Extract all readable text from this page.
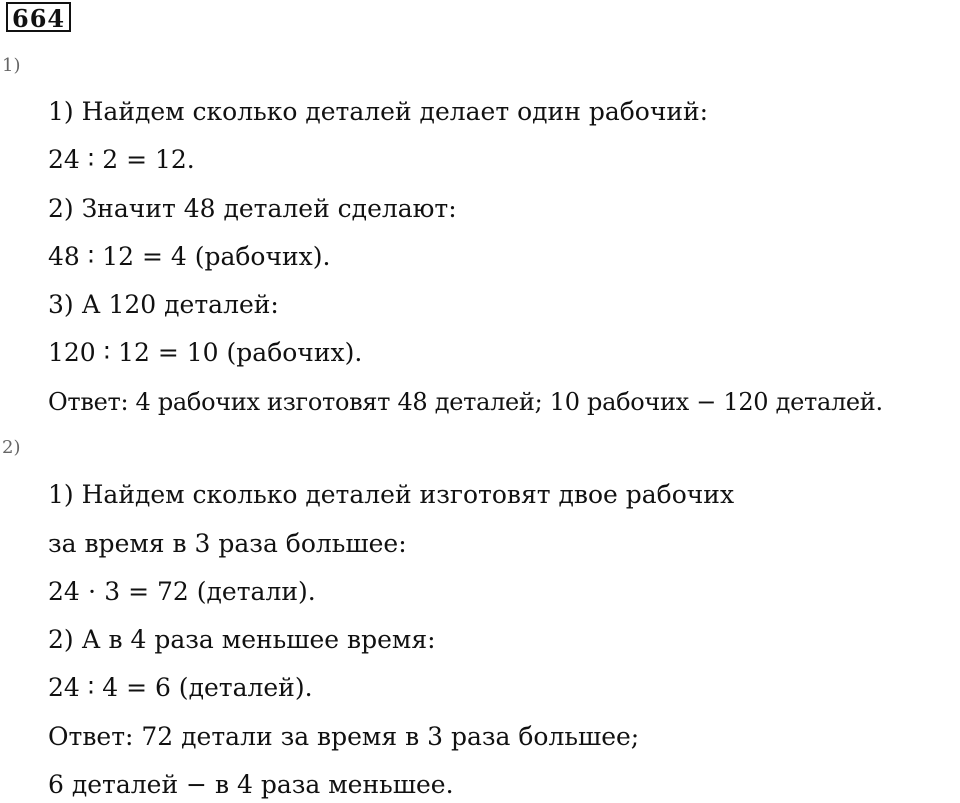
664
1)
1) Найдем сколько деталей делает один рабочий:
24 ∶ 2 = 12.
2) Значит 48 деталей сделают:
48 ∶ 12 = 4 (рабочих).
3) А 120 деталей:
120 ∶ 12 = 10 (рабочих).
Ответ: 4 рабочих изготовят 48 деталей; 10 рабочих − 120 деталей.
2)
1) Найдем сколько деталей изготовят двое рабочих
за время в 3 раза большее:
24 ⋅ 3 = 72 (детали).
2) А в 4 раза меньшее время:
24 ∶ 4 = 6 (деталей).
Ответ: 72 детали за время в 3 раза большее;
6 деталей − в 4 раза меньшее.
